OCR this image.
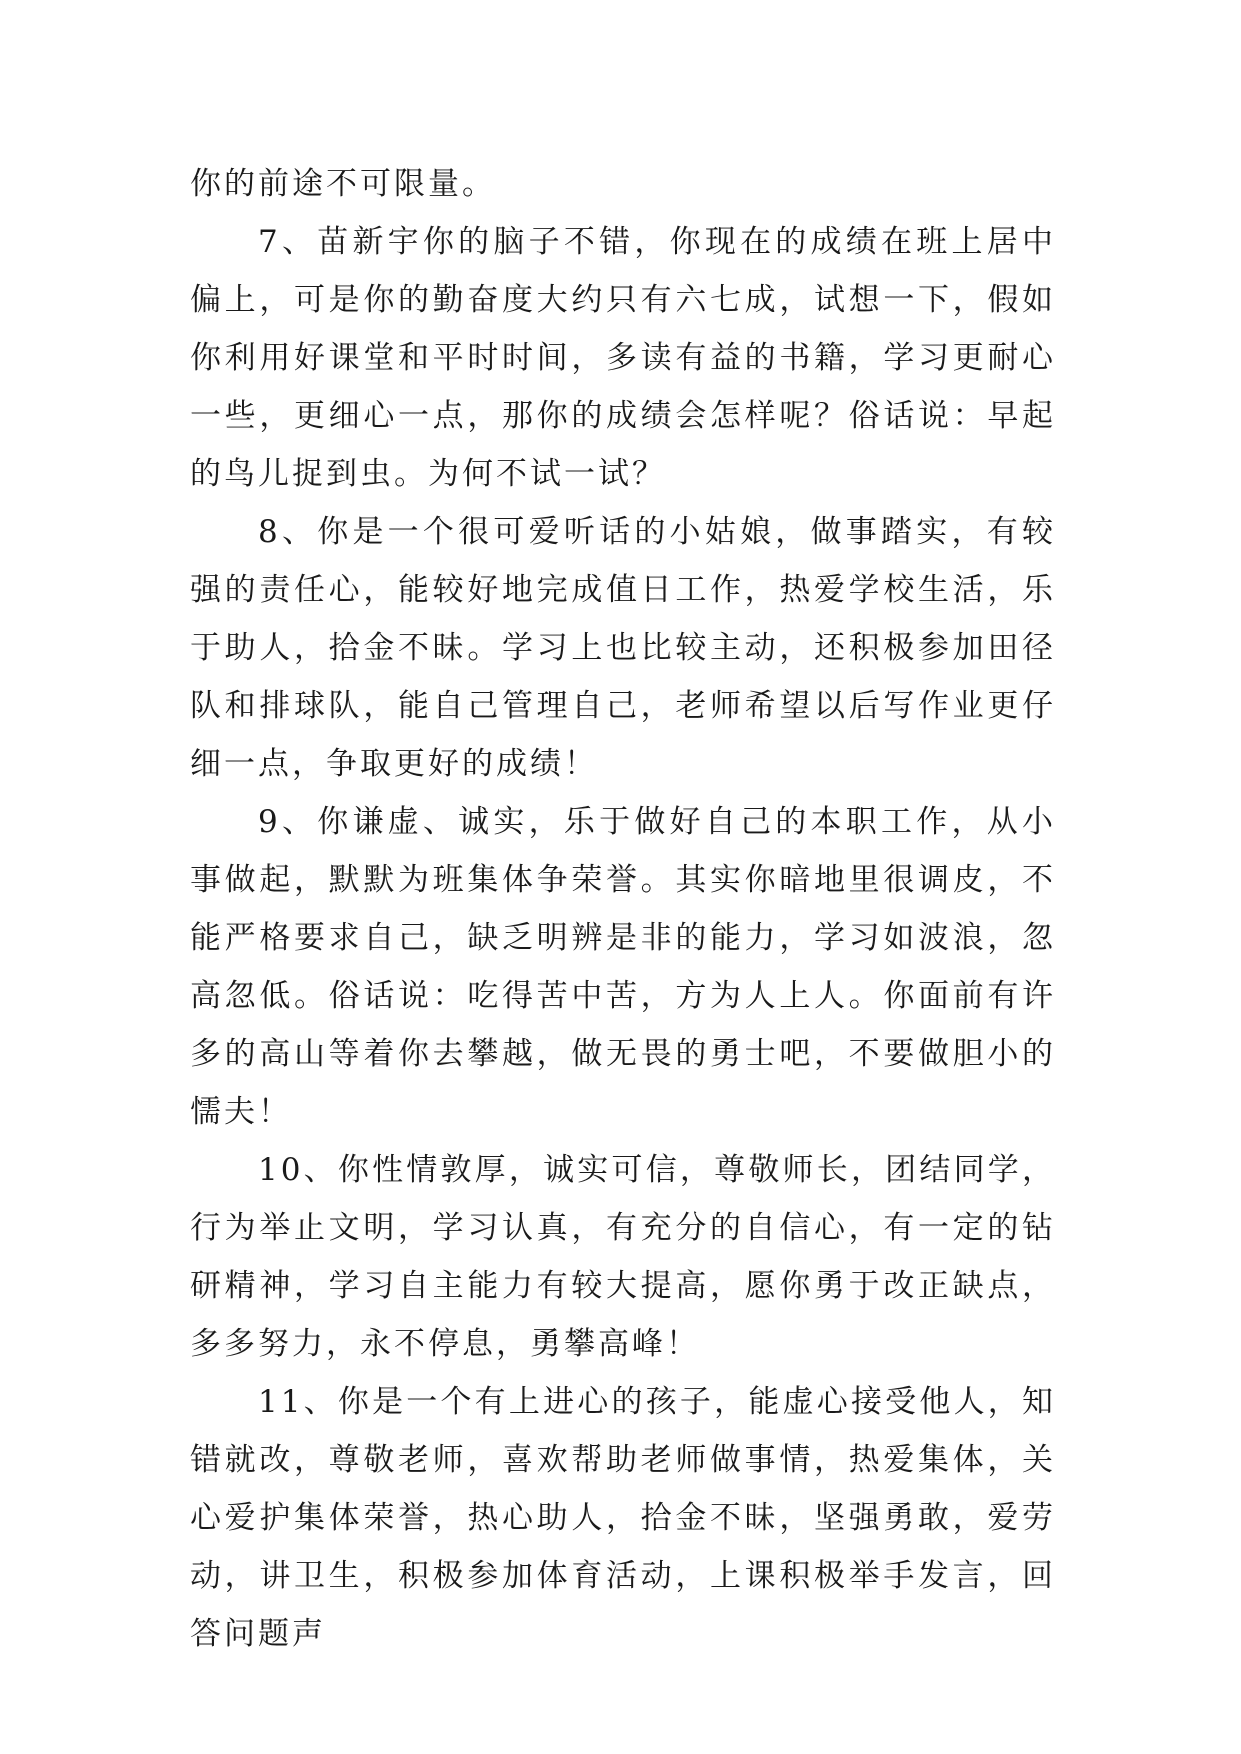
你的前途不可限量。

7、苗新宇你的脑子不错，你现在的成绩在班上居中偏上，可是你的勤奋度大约只有六七成，试想一下，假如你利用好课堂和平时时间，多读有益的书籍，学习更耐心一些，更细心一点，那你的成绩会怎样呢？俗话说：早起的鸟儿捉到虫。为何不试一试？

8、你是一个很可爱听话的小姑娘，做事踏实，有较强的责任心，能较好地完成值日工作，热爱学校生活，乐于助人，拾金不昧。学习上也比较主动，还积极参加田径队和排球队，能自己管理自己，老师希望以后写作业更仔细一点，争取更好的成绩！

9、你谦虚、诚实，乐于做好自己的本职工作，从小事做起，默默为班集体争荣誉。其实你暗地里很调皮，不能严格要求自己，缺乏明辨是非的能力，学习如波浪，忽高忽低。俗话说：吃得苦中苦，方为人上人。你面前有许多的高山等着你去攀越，做无畏的勇士吧，不要做胆小的懦夫！

10、你性情敦厚，诚实可信，尊敬师长，团结同学，行为举止文明，学习认真，有充分的自信心，有一定的钻研精神，学习自主能力有较大提高，愿你勇于改正缺点，多多努力，永不停息，勇攀高峰！

11、你是一个有上进心的孩子，能虚心接受他人，知错就改，尊敬老师，喜欢帮助老师做事情，热爱集体，关心爱护集体荣誉，热心助人，拾金不昧，坚强勇敢，爱劳动，讲卫生，积极参加体育活动，上课积极举手发言，回答问题声
